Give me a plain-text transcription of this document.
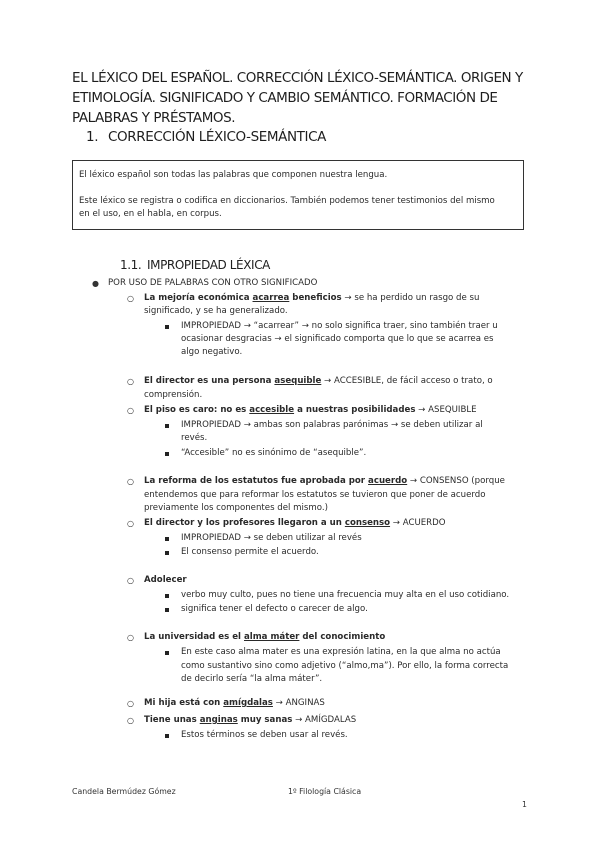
EL LÉXICO DEL ESPAÑOL. CORRECCIÓN LÉXICO-SEMÁNTICA. ORIGEN Y
ETIMOLOGÍA. SIGNIFICADO Y CAMBIO SEMÁNTICO. FORMACIÓN DE
PALABRAS Y PRÉSTAMOS.
1. CORRECCIÓN LÉXICO-SEMÁNTICA

El léxico español son todas las palabras que componen nuestra lengua.

Este léxico se registra o codifica en diccionarios. También podemos tener testimonios del mismo
en el uso, en el habla, en corpus.

1.1. IMPROPIEDAD LÉXICA
● POR USO DE PALABRAS CON OTRO SIGNIFICADO
○ La mejoría económica acarrea beneficios → se ha perdido un rasgo de su
significado, y se ha generalizado.
IMPROPIEDAD → “acarrear” → no solo significa traer, sino también traer u
ocasionar desgracias → el significado comporta que lo que se acarrea es
algo negativo.
○ El director es una persona asequible → ACCESIBLE, de fácil acceso o trato, o
comprensión.
○ El piso es caro: no es accesible a nuestras posibilidades → ASEQUIBLE
IMPROPIEDAD → ambas son palabras parónimas → se deben utilizar al
revés.
“Accesible” no es sinónimo de “asequible”.
○ La reforma de los estatutos fue aprobada por acuerdo → CONSENSO (porque
entendemos que para reformar los estatutos se tuvieron que poner de acuerdo
previamente los componentes del mismo.)
○ El director y los profesores llegaron a un consenso → ACUERDO
IMPROPIEDAD → se deben utilizar al revés
El consenso permite el acuerdo.
○ Adolecer
verbo muy culto, pues no tiene una frecuencia muy alta en el uso cotidiano.
significa tener el defecto o carecer de algo.
○ La universidad es el alma máter del conocimiento
En este caso alma mater es una expresión latina, en la que alma no actúa
como sustantivo sino como adjetivo (“almo,ma”). Por ello, la forma correcta
de decirlo sería “la alma máter”.
○ Mi hija está con amígdalas → ANGINAS
○ Tiene unas anginas muy sanas → AMÍGDALAS
Estos términos se deben usar al revés.
Candela Bermúdez Gómez	1º Filología Clásica
1
